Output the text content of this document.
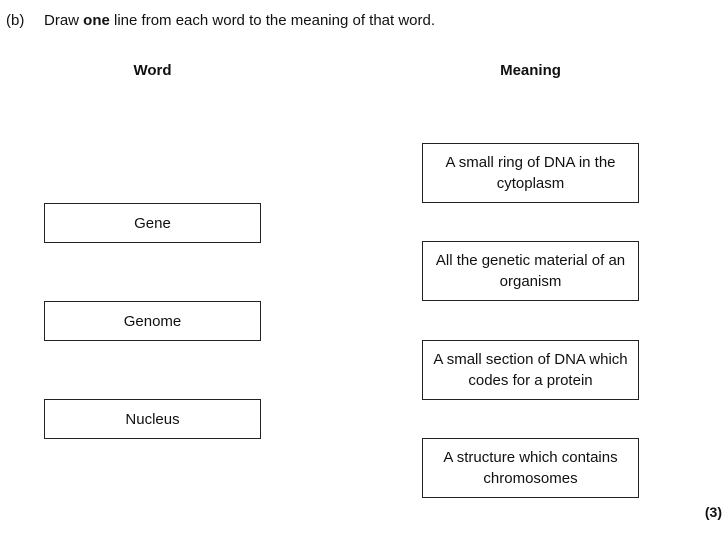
(b) Draw one line from each word to the meaning of that word.
Word	Meaning
Gene
Genome
Nucleus
A small ring of DNA in the cytoplasm
All the genetic material of an organism
A small section of DNA which codes for a protein
A structure which contains chromosomes
(3)
